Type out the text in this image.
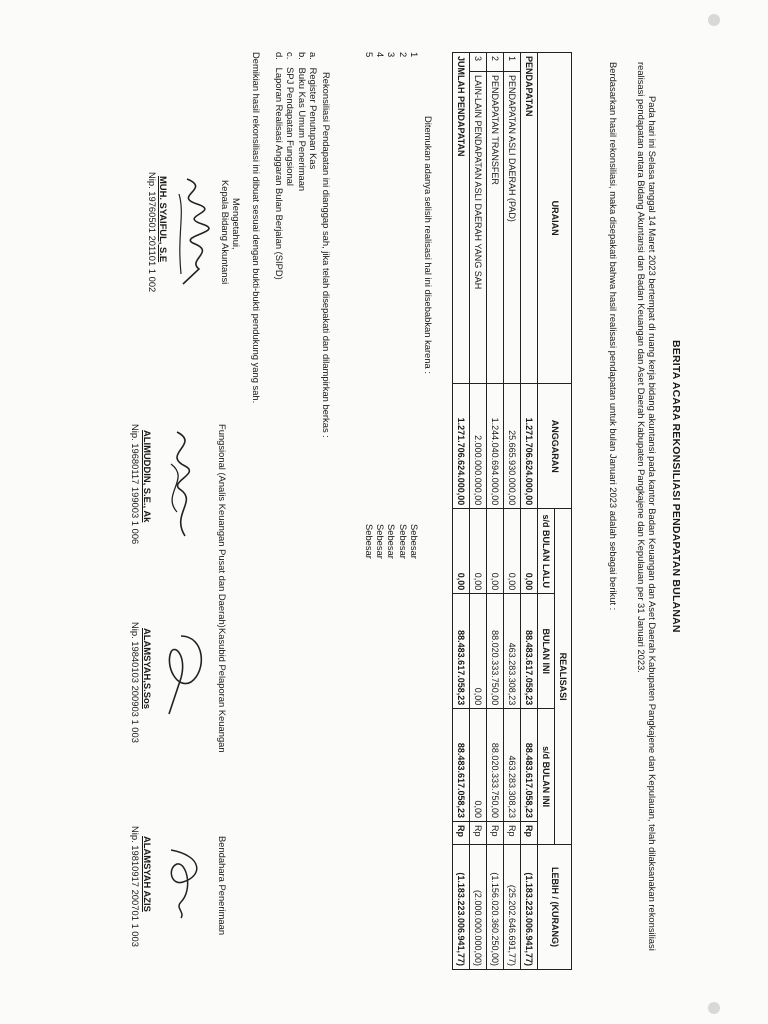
BERITA ACARA REKONSILIASI PENDAPATAN BULANAN
Pada hari ini Selasa tanggal 14 Maret 2023 bertempat di ruang kerja bidang akuntansi pada kantor Badan Keuangan dan Aset Daerah Kabupaten Pangkajene dan Kepulauan, telah dilaksanakan rekonsiliasi realisasi pendapatan antara Bidang Akuntansi dan Badan Keuangan dan Aset Daerah Kabupaten Pangkajene dan Kepulauan per 31 Januari 2023.
Berdasarkan hasil rekonsiliasi, maka disepakati bahwa hasil realisasi pendapatan untuk bulan Januari 2023 adalah sebagai berikut :
URAIAN		ANGGARAN	REALISASI				LEBIH / (KURANG)
			s/d BULAN LALU	BULAN INI	s/d BULAN INI		
PENDAPATAN		1.271.706.624.000,00	0,00	88.483.617.058,23	88.483.617.058,23	Rp	(1.183.223.006.941,77)
1	PENDAPATAN ASLI DAERAH (PAD)	25.665.930.000,00	0,00	463.283.308,23	463.283.308,23	Rp	(25.202.646.691,77)
2	PENDAPATAN TRANSFER	1.244.040.694.000,00	0,00	88.020.333.750,00	88.020.333.750,00	Rp	(1.156.020.360.250,00)
3	LAIN-LAIN PENDAPATAN ASLI DAERAH YANG SAH	2.000.000.000,00	0,00	0,00	0,00	Rp	(2.000.000.000,00)
JUMLAH PENDAPATAN		1.271.706.624.000,00	0,00	88.483.617.058,23	88.483.617.058,23	Rp	(1.183.223.006.941,77)
Ditemukan adanya selisih realisasi hal ini disebabkan karena :
1
Sebesar
2
Sebesar
3
Sebesar
4
Sebesar
5
Sebesar
Rekonsiliasi Pendapatan ini dianggap sah, jika telah disepakati dan dilampirkan berkas :
a.   Register Penutupan Kas
b.   Buku Kas Umum Penerimaan
c.   SPJ Pendapatan Fungsional
d.   Laporan Realisasi Anggaran Bulan Berjalan (SIPD)
Demikian hasil rekonsiliasi ini dibuat sesuai dengan bukti-bukti pendukung yang sah.
Mengetahui,
Kepala Bidang Akuntansi
MUH. SYAIFUL, S.E
Nip. 19760501 201101 1 002
Fungsional (Analis Keuangan Pusat dan Daerah)
ALIMUDDIN, S.E., Ak
Nip. 19680117 199003 1 006
Kasubid Pelaporan Keuangan
ALAMSYAH,S.Sos
Nip. 19840103 200903 1 003
Bendahara Penerimaan
ALAMSYAH AZIS
Nip. 19810917 200701 1 003
